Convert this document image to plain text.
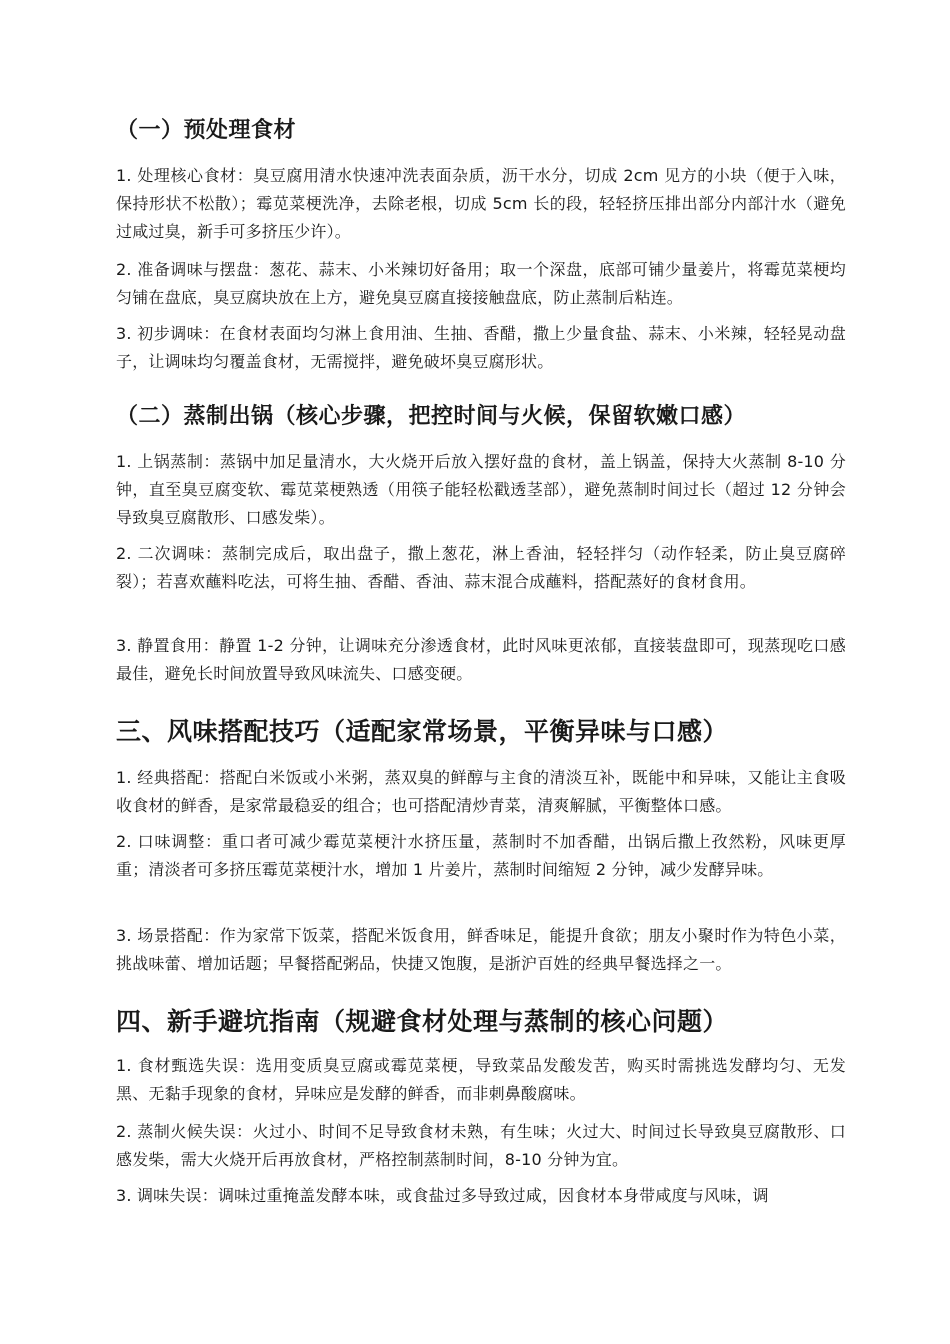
（一）预处理食材

1. 处理核心食材：臭豆腐用清水快速冲洗表面杂质，沥干水分，切成 2cm 见方的小块（便于入味，保持形状不松散）；霉苋菜梗洗净，去除老根，切成 5cm 长的段，轻轻挤压排出部分内部汁水（避免过咸过臭，新手可多挤压少许）。

2. 准备调味与摆盘：葱花、蒜末、小米辣切好备用；取一个深盘，底部可铺少量姜片，将霉苋菜梗均匀铺在盘底，臭豆腐块放在上方，避免臭豆腐直接接触盘底，防止蒸制后粘连。

3. 初步调味：在食材表面均匀淋上食用油、生抽、香醋，撒上少量食盐、蒜末、小米辣，轻轻晃动盘子，让调味均匀覆盖食材，无需搅拌，避免破坏臭豆腐形状。

（二）蒸制出锅（核心步骤，把控时间与火候，保留软嫩口感）

1. 上锅蒸制：蒸锅中加足量清水，大火烧开后放入摆好盘的食材，盖上锅盖，保持大火蒸制 8-10 分钟，直至臭豆腐变软、霉苋菜梗熟透（用筷子能轻松戳透茎部），避免蒸制时间过长（超过 12 分钟会导致臭豆腐散形、口感发柴）。

2. 二次调味：蒸制完成后，取出盘子，撒上葱花，淋上香油，轻轻拌匀（动作轻柔，防止臭豆腐碎裂）；若喜欢蘸料吃法，可将生抽、香醋、香油、蒜末混合成蘸料，搭配蒸好的食材食用。

3. 静置食用：静置 1-2 分钟，让调味充分渗透食材，此时风味更浓郁，直接装盘即可，现蒸现吃口感最佳，避免长时间放置导致风味流失、口感变硬。

三、风味搭配技巧（适配家常场景，平衡异味与口感）

1. 经典搭配：搭配白米饭或小米粥，蒸双臭的鲜醇与主食的清淡互补，既能中和异味，又能让主食吸收食材的鲜香，是家常最稳妥的组合；也可搭配清炒青菜，清爽解腻，平衡整体口感。

2. 口味调整：重口者可减少霉苋菜梗汁水挤压量，蒸制时不加香醋，出锅后撒上孜然粉，风味更厚重；清淡者可多挤压霉苋菜梗汁水，增加 1 片姜片，蒸制时间缩短 2 分钟，减少发酵异味。

3. 场景搭配：作为家常下饭菜，搭配米饭食用，鲜香味足，能提升食欲；朋友小聚时作为特色小菜，挑战味蕾、增加话题；早餐搭配粥品，快捷又饱腹，是浙沪百姓的经典早餐选择之一。

四、新手避坑指南（规避食材处理与蒸制的核心问题）

1. 食材甄选失误：选用变质臭豆腐或霉苋菜梗，导致菜品发酸发苦，购买时需挑选发酵均匀、无发黑、无黏手现象的食材，异味应是发酵的鲜香，而非刺鼻酸腐味。

2. 蒸制火候失误：火过小、时间不足导致食材未熟，有生味；火过大、时间过长导致臭豆腐散形、口感发柴，需大火烧开后再放食材，严格控制蒸制时间，8-10 分钟为宜。

3. 调味失误：调味过重掩盖发酵本味，或食盐过多导致过咸，因食材本身带咸度与风味，调
